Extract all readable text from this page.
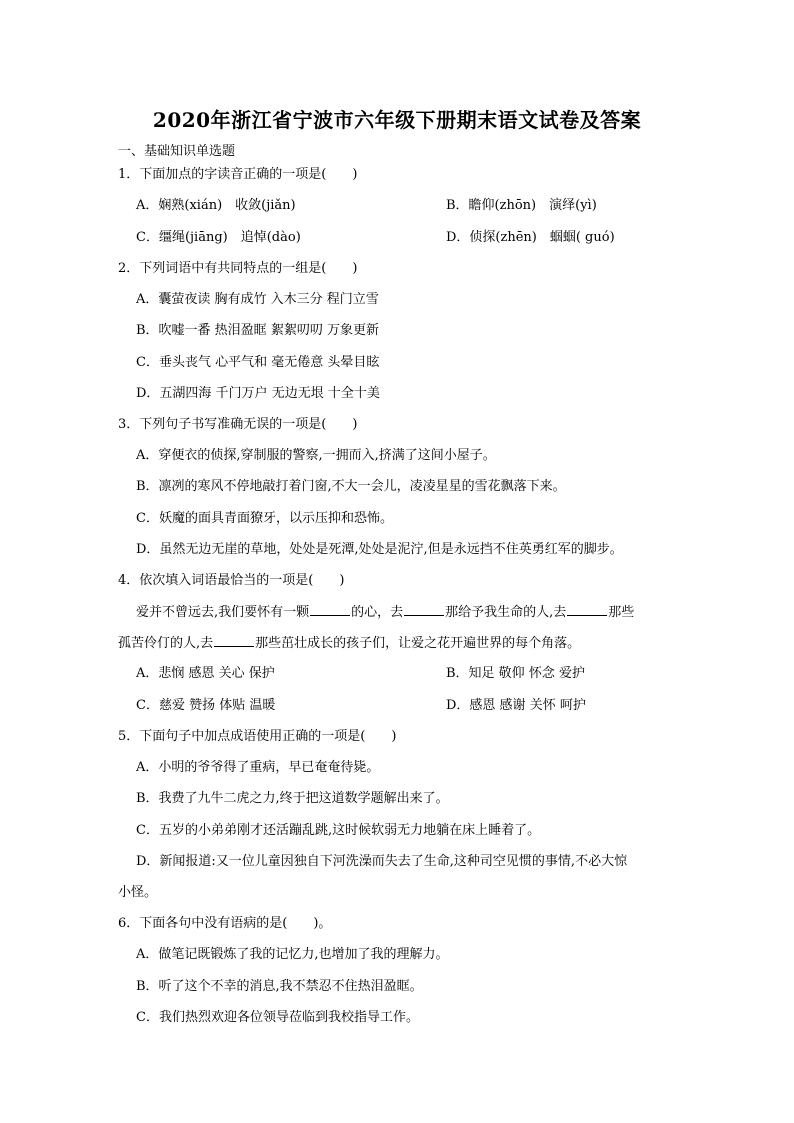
2020年浙江省宁波市六年级下册期末语文试卷及答案
一、基础知识单选题
1．下面加点的字读音正确的一项是(　　)
A．娴熟(xián)　收敛(jiǎn)	B．瞻仰(zhōn)　演绎(yì)
C．缰绳(jiāng)　追悼(dào)	D．侦探(zhēn)　蝈蝈( guó)
2．下列词语中有共同特点的一组是(　　)
A．囊萤夜读 胸有成竹 入木三分 程门立雪
B．吹嘘一番 热泪盈眶 絮絮叨叨 万象更新
C．垂头丧气 心平气和 毫无倦意 头晕目眩
D．五湖四海 千门万户 无边无垠 十全十美
3．下列句子书写准确无误的一项是(　　)
A．穿便衣的侦探,穿制服的警察,一拥而入,挤满了这间小屋子。
B．凛冽的寒风不停地敲打着门窗,不大一会儿，凌凌星星的雪花飘落下来。
C．妖魔的面具青面獠牙，以示压抑和恐怖。
D．虽然无边无崖的草地，处处是死潭,处处是泥泞,但是永远挡不住英勇红军的脚步。
4．依次填入词语最恰当的一项是(　　)
爱并不曾远去,我们要怀有一颗	的心，去	那给予我生命的人,去	那些
孤苦伶仃的人,去	那些茁壮成长的孩子们，让爱之花开遍世界的每个角落。
A．悲悯 感恩 关心 保护	B．知足 敬仰 怀念 爱护
C．慈爱 赞扬 体贴 温暖	D．感恩 感谢 关怀 呵护
5．下面句子中加点成语使用正确的一项是(　　)
A．小明的爷爷得了重病，早已奄奄待毙。
B．我费了九牛二虎之力,终于把这道数学题解出来了。
C．五岁的小弟弟刚才还活蹦乱跳,这时候软弱无力地躺在床上睡着了。
D．新闻报道:又一位儿童因独自下河洗澡而失去了生命,这种司空见惯的事情,不必大惊
小怪。
6．下面各句中没有语病的是(　　)。
A．做笔记既锻炼了我的记忆力,也增加了我的理解力。
B．听了这个不幸的消息,我不禁忍不住热泪盈眶。
C．我们热烈欢迎各位领导莅临到我校指导工作。
